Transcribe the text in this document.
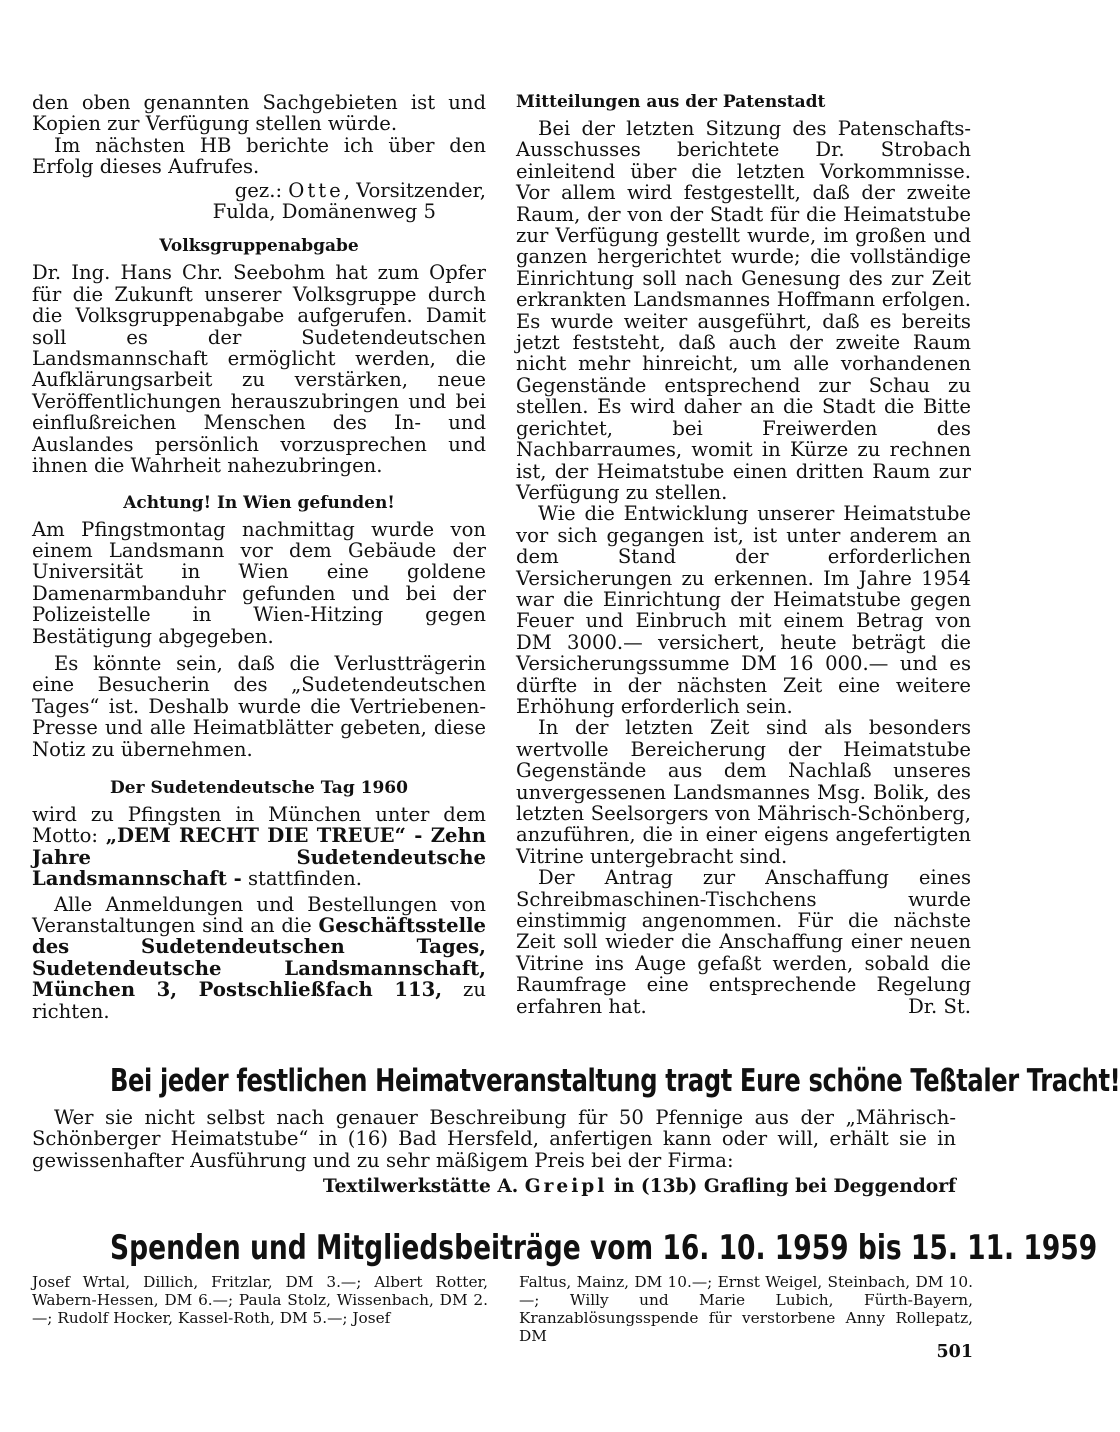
den oben genannten Sachgebieten ist und Kopien zur Verfügung stellen würde.

Im nächsten HB berichte ich über den Erfolg dieses Aufrufes.

gez.: Otte, Vorsitzender,

Fulda, Domänenweg 5

Volksgruppenabgabe

Dr. Ing. Hans Chr. Seebohm hat zum Opfer für die Zukunft unserer Volksgruppe durch die Volksgruppenabgabe aufgerufen. Damit soll es der Sudetendeutschen Landsmannschaft ermöglicht werden, die Aufklärungsarbeit zu verstärken, neue Veröffentlichungen herauszubringen und bei einflußreichen Menschen des In- und Auslandes persönlich vorzusprechen und ihnen die Wahrheit nahezubringen.

Achtung! In Wien gefunden!

Am Pfingstmontag nachmittag wurde von einem Landsmann vor dem Gebäude der Universität in Wien eine goldene Damenarmbanduhr gefunden und bei der Polizeistelle in Wien-Hitzing gegen Bestätigung abgegeben.

Es könnte sein, daß die Verlustträgerin eine Besucherin des „Sudetendeutschen Tages“ ist. Deshalb wurde die Vertriebenen-Presse und alle Heimatblätter gebeten, diese Notiz zu übernehmen.

Der Sudetendeutsche Tag 1960

wird zu Pfingsten in München unter dem Motto: „DEM RECHT DIE TREUE“ - Zehn Jahre Sudetendeutsche Landsmannschaft - stattfinden.

Alle Anmeldungen und Bestellungen von Veranstaltungen sind an die Geschäftsstelle des Sudetendeutschen Tages, Sudetendeutsche Landsmannschaft, München 3, Postschließfach 113, zu richten.

Mitteilungen aus der Patenstadt

Bei der letzten Sitzung des Patenschafts-Ausschusses berichtete Dr. Strobach einleitend über die letzten Vorkommnisse. Vor allem wird festgestellt, daß der zweite Raum, der von der Stadt für die Heimatstube zur Verfügung gestellt wurde, im großen und ganzen hergerichtet wurde; die vollständige Einrichtung soll nach Genesung des zur Zeit erkrankten Landsmannes Hoffmann erfolgen. Es wurde weiter ausgeführt, daß es bereits jetzt feststeht, daß auch der zweite Raum nicht mehr hinreicht, um alle vorhandenen Gegenstände entsprechend zur Schau zu stellen. Es wird daher an die Stadt die Bitte gerichtet, bei Freiwerden des Nachbarraumes, womit in Kürze zu rechnen ist, der Heimatstube einen dritten Raum zur Verfügung zu stellen.

Wie die Entwicklung unserer Heimatstube vor sich gegangen ist, ist unter anderem an dem Stand der erforderlichen Versicherungen zu erkennen. Im Jahre 1954 war die Einrichtung der Heimatstube gegen Feuer und Einbruch mit einem Betrag von DM 3000.— versichert, heute beträgt die Versicherungssumme DM 16 000.— und es dürfte in der nächsten Zeit eine weitere Erhöhung erforderlich sein.

In der letzten Zeit sind als besonders wertvolle Bereicherung der Heimatstube Gegenstände aus dem Nachlaß unseres unvergessenen Landsmannes Msg. Bolik, des letzten Seelsorgers von Mährisch-Schönberg, anzuführen, die in einer eigens angefertigten Vitrine untergebracht sind.

Der Antrag zur Anschaffung eines Schreibmaschinen-Tischchens wurde einstimmig angenommen. Für die nächste Zeit soll wieder die Anschaffung einer neuen Vitrine ins Auge gefaßt werden, sobald die Raumfrage eine entsprechende Regelung erfahren hat.	Dr. St.

Bei jeder festlichen Heimatveranstaltung tragt Eure schöne Teßtaler Tracht!

Wer sie nicht selbst nach genauer Beschreibung für 50 Pfennige aus der „Mährisch-Schönberger Heimatstube“ in (16) Bad Hersfeld, anfertigen kann oder will, erhält sie in gewissenhafter Ausführung und zu sehr mäßigem Preis bei der Firma:

Textilwerkstätte A. Greipl in (13b) Grafling bei Deggendorf

Spenden und Mitgliedsbeiträge vom 16. 10. 1959 bis 15. 11. 1959

Josef Wrtal, Dillich, Fritzlar, DM 3.—; Albert Rotter, Wabern-Hessen, DM 6.—; Paula Stolz, Wissenbach, DM 2.—; Rudolf Hocker, Kassel-Roth, DM 5.—; Josef

Faltus, Mainz, DM 10.—; Ernst Weigel, Steinbach, DM 10.—; Willy und Marie Lubich, Fürth-Bayern, Kranzablösungsspende für verstorbene Anny Rollepatz, DM

501
